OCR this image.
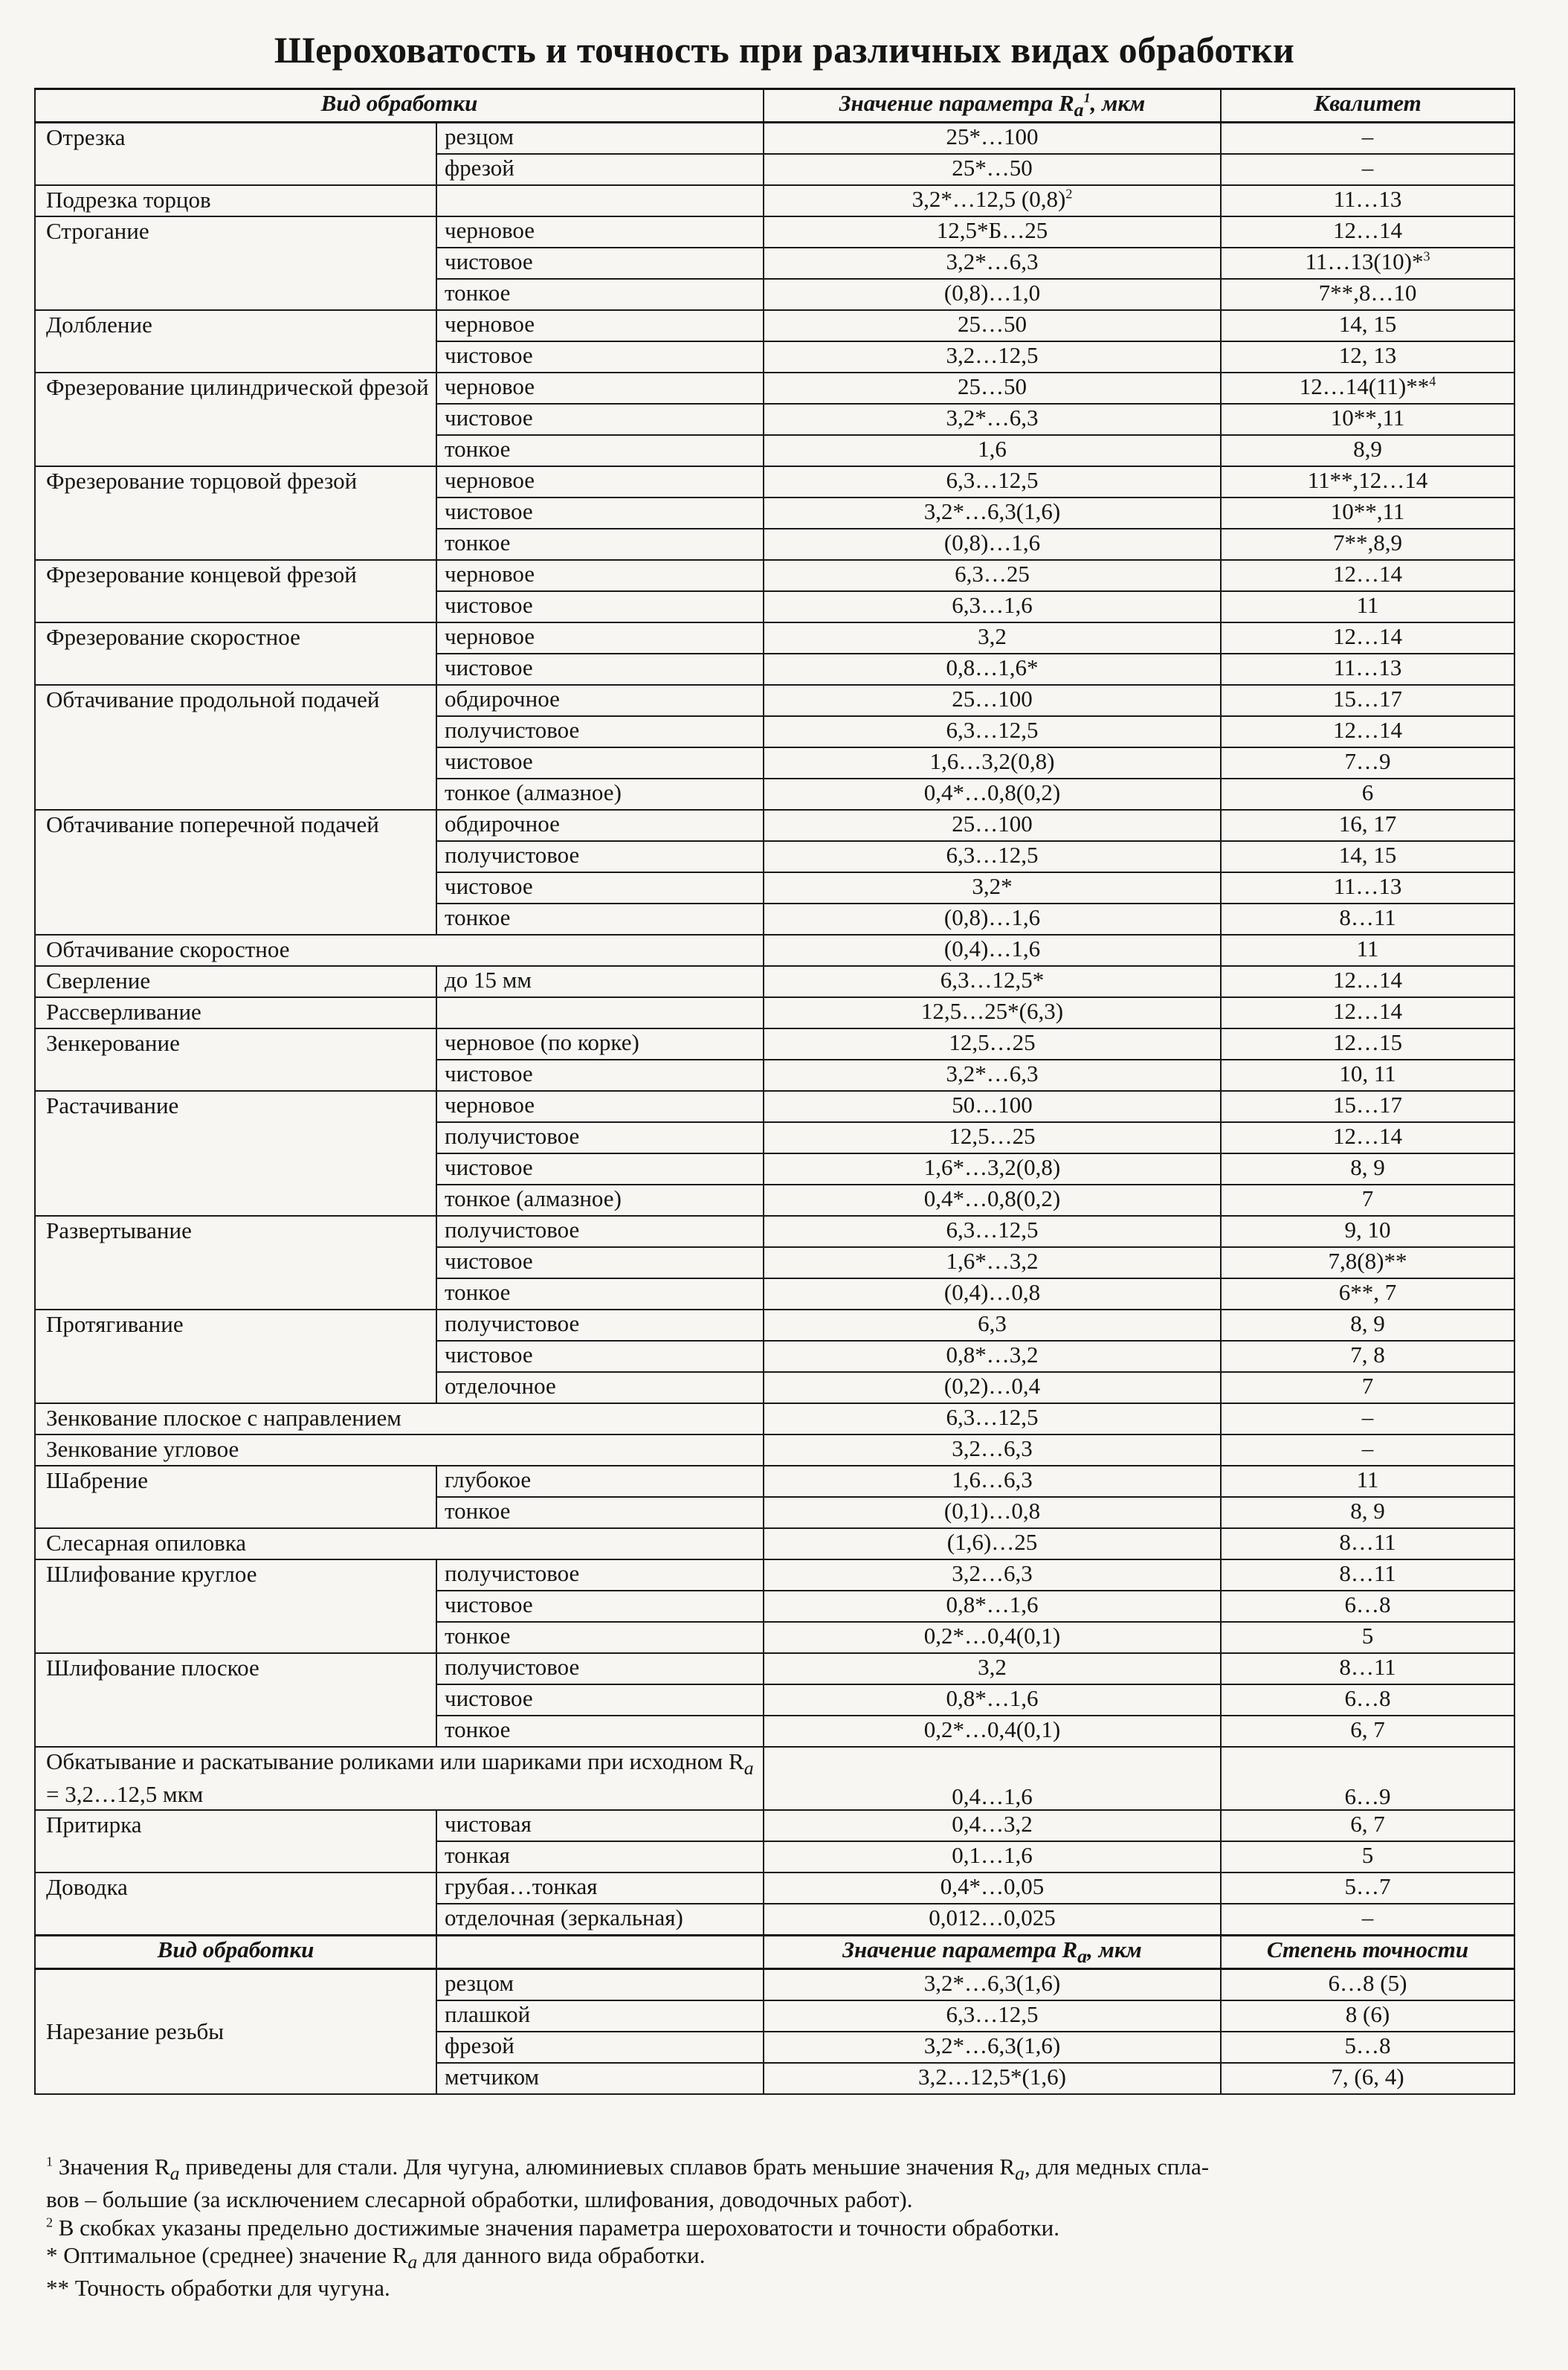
Шероховатость и точность при различных видах обработки
Вид обработки		Значение параметра $R_a^1$, мкм	Квалитет
Отрезка	резцом	25*…100	–
	фрезой	25*…50	–
Подрезка торцов		3,2*…12,5 $(0,8)^2$	11…13
Строгание	черновое	12,5*Б…25	12…14
	чистовое	3,2*…6,3	11…13(10)*$^3$
	тонкое	(0,8)…1,0	7**,8…10
Долбление	черновое	25…50	14, 15
	чистовое	3,2…12,5	12, 13
Фрезерование цилиндрической фрезой	черновое	25…50	12…14(11)**$^4$
	чистовое	3,2*…6,3	10**,11
	тонкое	1,6	8,9
Фрезерование торцовой фрезой	черновое	6,3…12,5	11**,12…14
	чистовое	3,2*…6,3(1,6)	10**,11
	тонкое	(0,8)…1,6	7**,8,9
Фрезерование концевой фрезой	черновое	6,3…25	12…14
	чистовое	6,3…1,6	11
Фрезерование скоростное	черновое	3,2	12…14
	чистовое	0,8…1,6*	11…13
Обтачивание продольной подачей	обдирочное	25…100	15…17
	получистовое	6,3…12,5	12…14
	чистовое	1,6…3,2(0,8)	7…9
	тонкое (алмазное)	0,4*…0,8(0,2)	6
Обтачивание поперечной подачей	обдирочное	25…100	16, 17
	получистовое	6,3…12,5	14, 15
	чистовое	3,2*	11…13
	тонкое	(0,8)…1,6	8…11
Обтачивание скоростное		(0,4)…1,6	11
Сверление	до 15 мм	6,3…12,5*	12…14
Рассверливание		12,5…25*(6,3)	12…14
Зенкерование	черновое (по корке)	12,5…25	12…15
	чистовое	3,2*…6,3	10, 11
Растачивание	черновое	50…100	15…17
	получистовое	12,5…25	12…14
	чистовое	1,6*…3,2(0,8)	8, 9
	тонкое (алмазное)	0,4*…0,8(0,2)	7
Развертывание	получистовое	6,3…12,5	9, 10
	чистовое	1,6*…3,2	7,8(8)**
	тонкое	(0,4)…0,8	6**, 7
Протягивание	получистовое	6,3	8, 9
	чистовое	0,8*…3,2	7, 8
	отделочное	(0,2)…0,4	7
Зенкование плоское с направлением		6,3…12,5	–
Зенкование угловое		3,2…6,3	–
Шабрение	глубокое	1,6…6,3	11
	тонкое	(0,1)…0,8	8, 9
Слесарная опиловка		(1,6)…25	8…11
Шлифование круглое	получистовое	3,2…6,3	8…11
	чистовое	0,8*…1,6	6…8
	тонкое	0,2*…0,4(0,1)	5
Шлифование плоское	получистовое	3,2	8…11
	чистовое	0,8*…1,6	6…8
	тонкое	0,2*…0,4(0,1)	6, 7
Обкатывание и раскатывание роликами или шариками при исходном $R_a$ = 3,2…12,5 мкм		0,4…1,6	6…9
Притирка	чистовая	0,4…3,2	6, 7
	тонкая	0,1…1,6	5
Доводка	грубая…тонкая	0,4*…0,05	5…7
	отделочная (зеркальная)	0,012…0,025	–
Вид обработки		Значение параметра $R_a$, мкм	Степень точности
Нарезание резьбы	резцом	3,2*…6,3(1,6)	6…8 (5)
	плашкой	6,3…12,5	8 (6)
	фрезой	3,2*…6,3(1,6)	5…8
	метчиком	3,2…12,5*(1,6)	7, (6, 4)

$^1$ Значения $R_a$ приведены для стали. Для чугуна, алюминиевых сплавов брать меньшие значения $R_a$, для медных спла-

вов – большие (за исключением слесарной обработки, шлифования, доводочных работ).

$^2$ В скобках указаны предельно достижимые значения параметра шероховатости и точности обработки.

* Оптимальное (среднее) значение $R_a$ для данного вида обработки.

** Точность обработки для чугуна.
